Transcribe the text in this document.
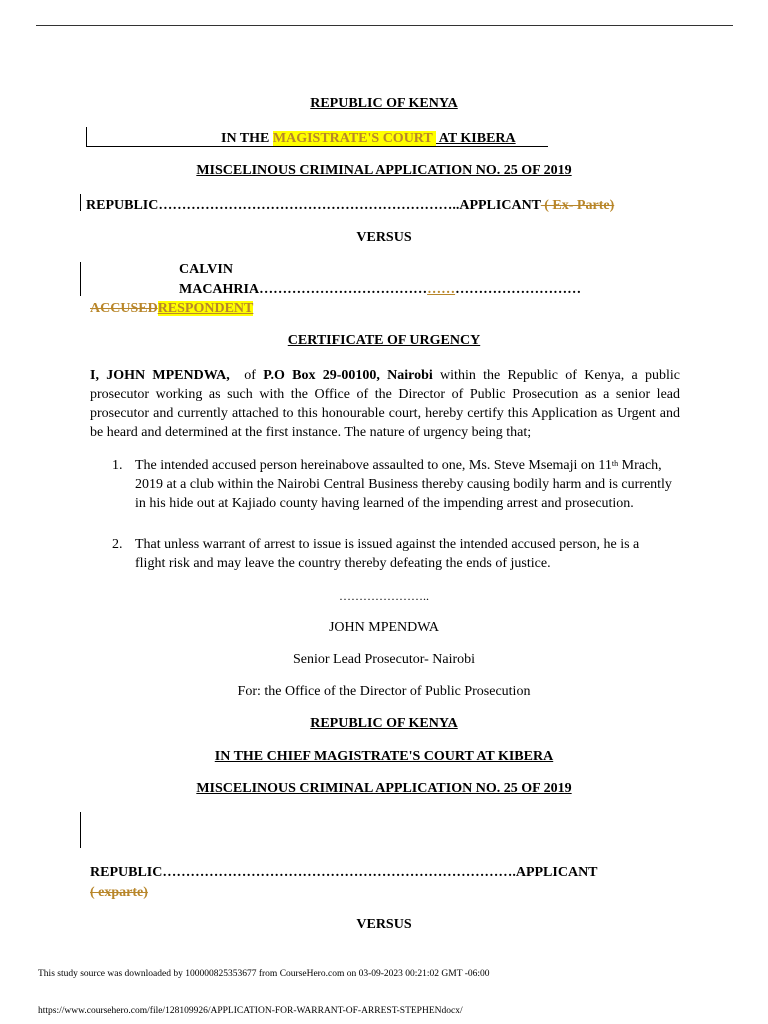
REPUBLIC OF KENYA
IN THE MAGISTRATE'S COURT  AT KIBERA
MISCELINOUS CRIMINAL APPLICATION NO. 25 OF 2019
REPUBLIC………………………………………………………..APPLICANT ( Ex- Parte)
VERSUS
CALVIN
MACAHRIA……………………………………………………………
ACCUSEDRESPONDENT
CERTIFICATE OF URGENCY
I, JOHN MPENDWA,  of P.O Box 29-00100, Nairobi within the Republic of Kenya, a public prosecutor working as such with the Office of the Director of Public Prosecution as a senior lead prosecutor and currently attached to this honourable court, hereby certify this Application as Urgent and be heard and determined at the first instance. The nature of urgency being that;
1. The intended accused person hereinabove assaulted to one, Ms. Steve Msemaji on 11th Mrach, 2019 at a club within the Nairobi Central Business thereby causing bodily harm and is currently in his hide out at Kajiado county having learned of the impending arrest and prosecution.
2. That unless warrant of arrest to issue is issued against the intended accused person, he is a flight risk and may leave the country thereby defeating the ends of justice.
…………………..
JOHN MPENDWA
Senior Lead Prosecutor- Nairobi
For: the Office of the Director of Public Prosecution
REPUBLIC OF KENYA
IN THE CHIEF MAGISTRATE'S COURT AT KIBERA
MISCELINOUS CRIMINAL APPLICATION NO. 25 OF 2019
REPUBLIC………………………………………………………………….APPLICANT
( exparte)
VERSUS
This study source was downloaded by 100000825353677 from CourseHero.com on 03-09-2023 00:21:02 GMT -06:00
https://www.coursehero.com/file/128109926/APPLICATION-FOR-WARRANT-OF-ARREST-STEPHENdocx/
